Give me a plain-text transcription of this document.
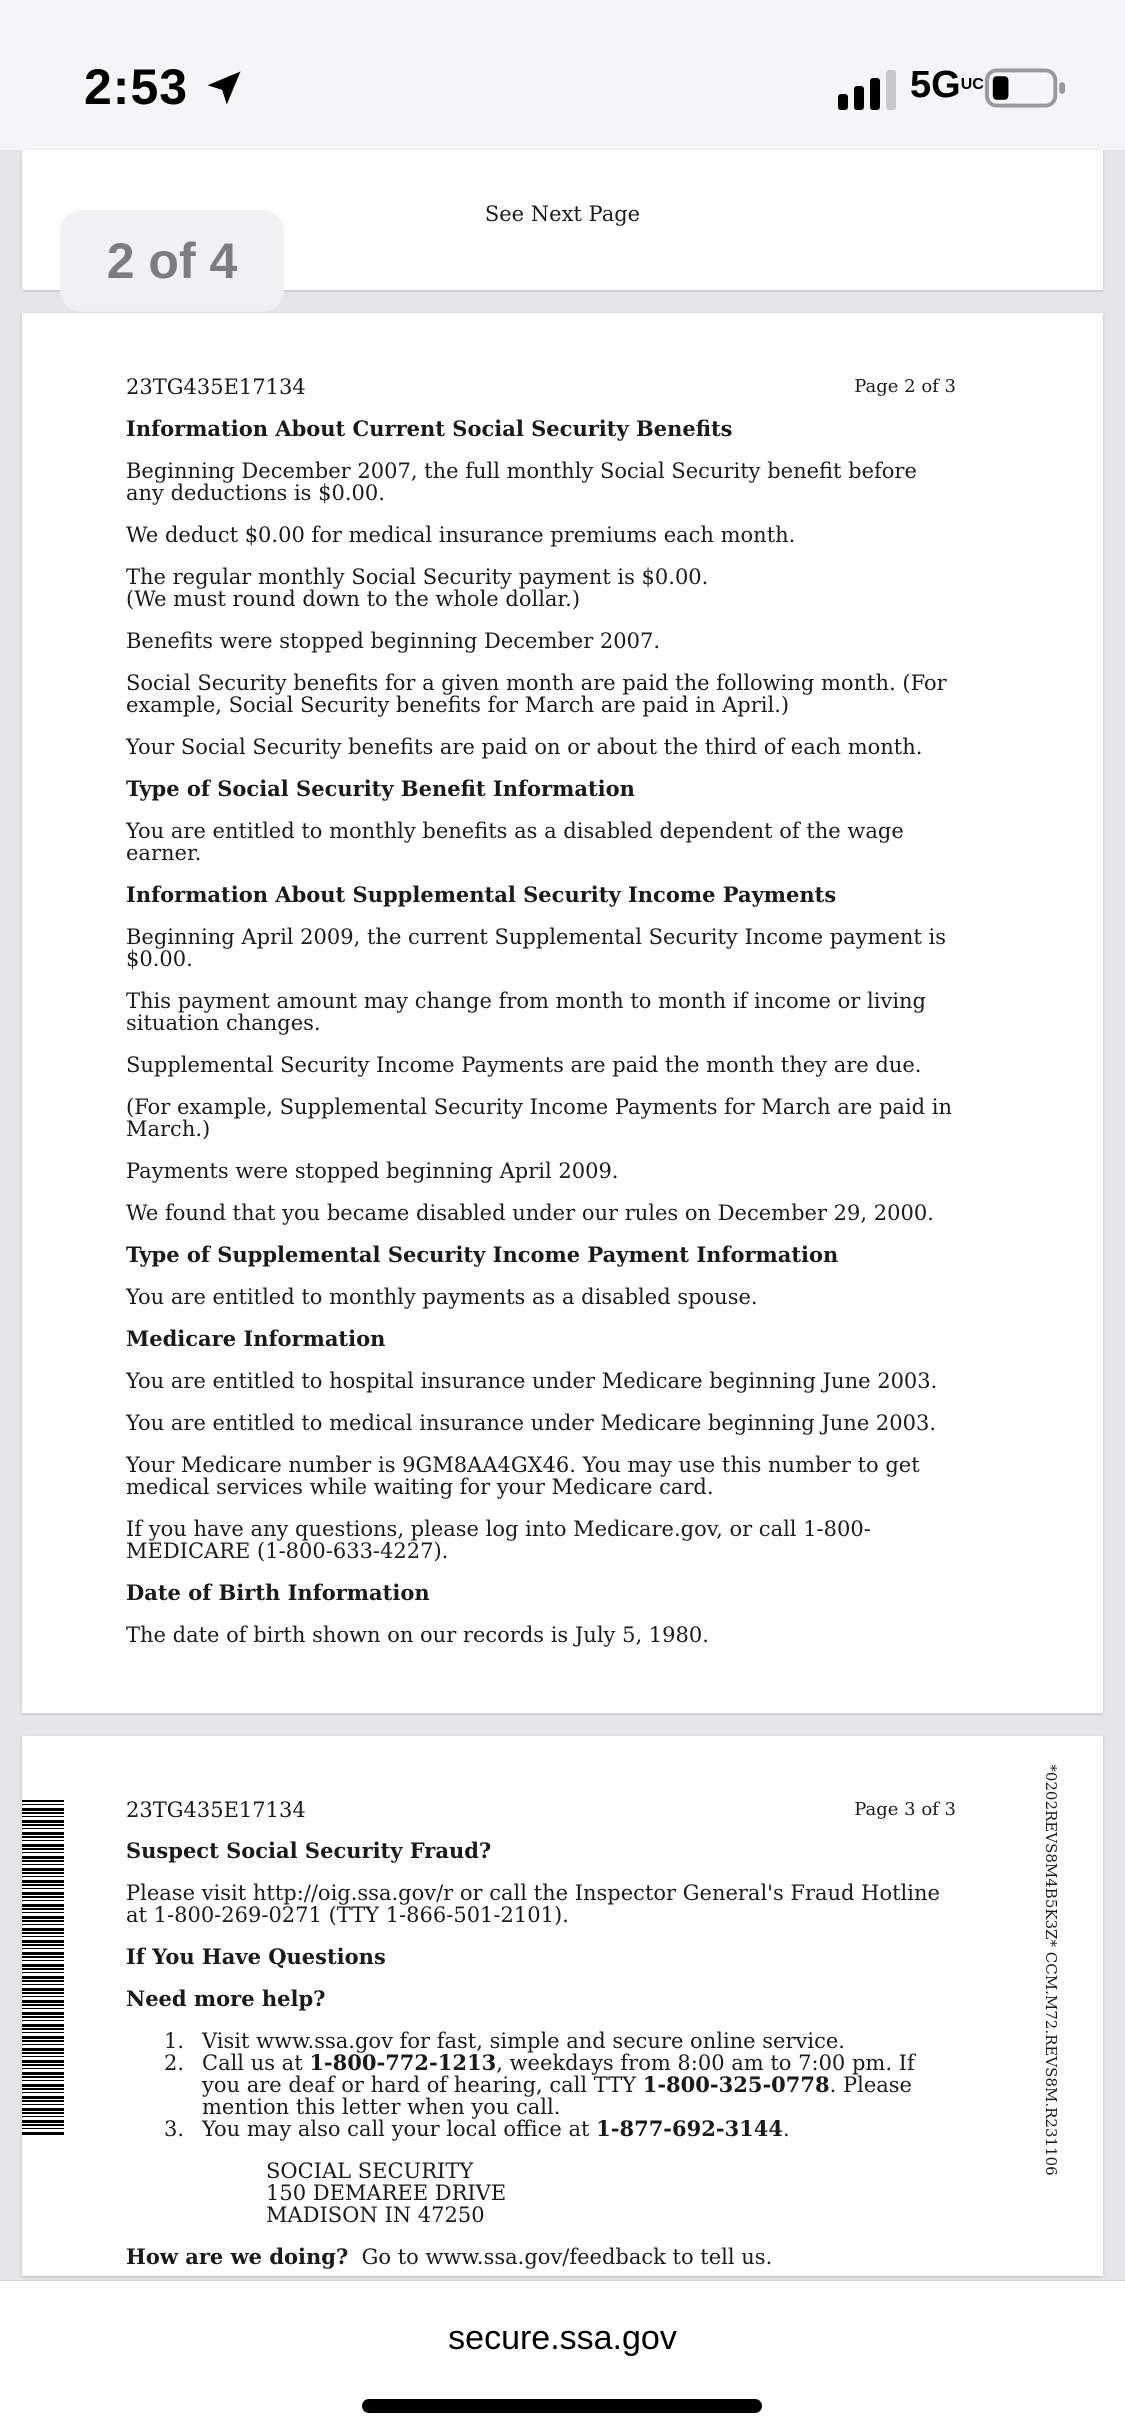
2:53	5GUC
See Next Page
2 of 4
23TG435E17134	Page 2 of 3
Information About Current Social Security Benefits

Beginning December 2007, the full monthly Social Security benefit before any deductions is $0.00.

We deduct $0.00 for medical insurance premiums each month.

The regular monthly Social Security payment is $0.00.
(We must round down to the whole dollar.)

Benefits were stopped beginning December 2007.

Social Security benefits for a given month are paid the following month. (For example, Social Security benefits for March are paid in April.)

Your Social Security benefits are paid on or about the third of each month.

Type of Social Security Benefit Information

You are entitled to monthly benefits as a disabled dependent of the wage earner.

Information About Supplemental Security Income Payments

Beginning April 2009, the current Supplemental Security Income payment is $0.00.

This payment amount may change from month to month if income or living situation changes.

Supplemental Security Income Payments are paid the month they are due.

(For example, Supplemental Security Income Payments for March are paid in March.)

Payments were stopped beginning April 2009.

We found that you became disabled under our rules on December 29, 2000.

Type of Supplemental Security Income Payment Information

You are entitled to monthly payments as a disabled spouse.

Medicare Information

You are entitled to hospital insurance under Medicare beginning June 2003.

You are entitled to medical insurance under Medicare beginning June 2003.

Your Medicare number is 9GM8AA4GX46. You may use this number to get medical services while waiting for your Medicare card.

If you have any questions, please log into Medicare.gov, or call 1-800-MEDICARE (1-800-633-4227).

Date of Birth Information

The date of birth shown on our records is July 5, 1980.

*0202REVS8M4B5K3Z* CCM.M72.REVS8M.R231106
23TG435E17134	Page 3 of 3
Suspect Social Security Fraud?

Please visit http://oig.ssa.gov/r or call the Inspector General's Fraud Hotline at 1-800-269-0271 (TTY 1-866-501-2101).

If You Have Questions
Need more help?
1. Visit www.ssa.gov for fast, simple and secure online service.
2. Call us at 1-800-772-1213, weekdays from 8:00 am to 7:00 pm. If you are deaf or hard of hearing, call TTY 1-800-325-0778. Please mention this letter when you call.
3. You may also call your local office at 1-877-692-3144.
SOCIAL SECURITY
150 DEMAREE DRIVE
MADISON IN 47250

How are we doing? Go to www.ssa.gov/feedback to tell us.

secure.ssa.gov
